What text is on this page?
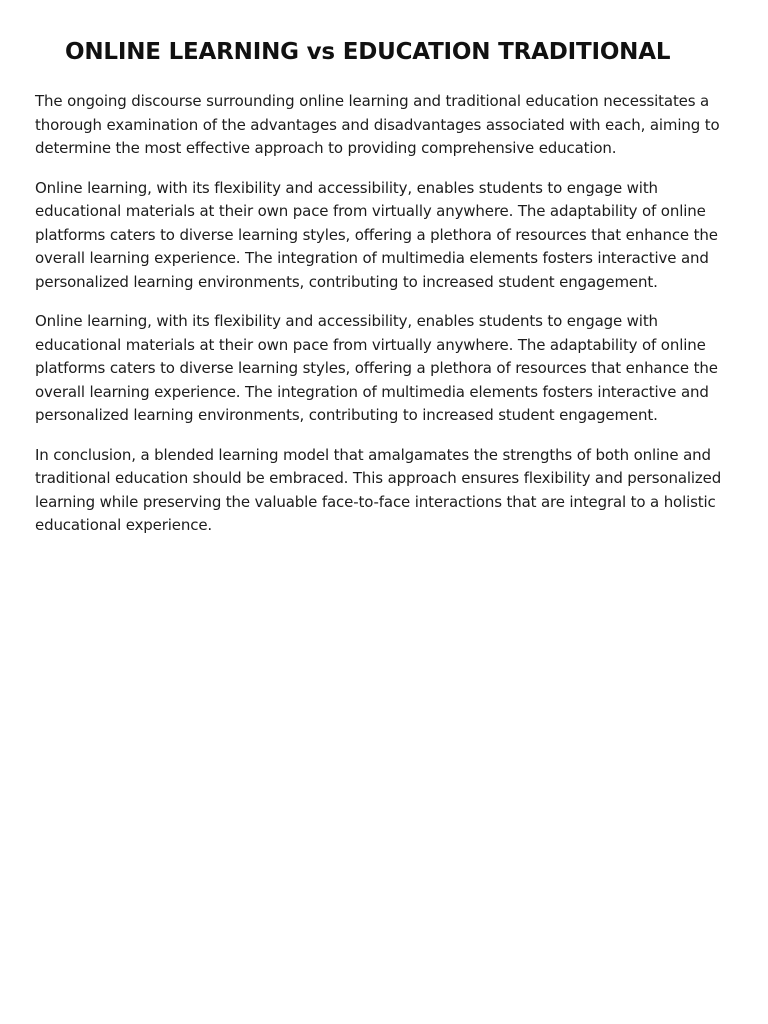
ONLINE LEARNING vs EDUCATION TRADITIONAL

The ongoing discourse surrounding online learning and traditional education necessitates a thorough examination of the advantages and disadvantages associated with each, aiming to determine the most effective approach to providing comprehensive education.

Online learning, with its flexibility and accessibility, enables students to engage with educational materials at their own pace from virtually anywhere. The adaptability of online platforms caters to diverse learning styles, offering a plethora of resources that enhance the overall learning experience. The integration of multimedia elements fosters interactive and personalized learning environments, contributing to increased student engagement.

Online learning, with its flexibility and accessibility, enables students to engage with educational materials at their own pace from virtually anywhere. The adaptability of online platforms caters to diverse learning styles, offering a plethora of resources that enhance the overall learning experience. The integration of multimedia elements fosters interactive and personalized learning environments, contributing to increased student engagement.

In conclusion, a blended learning model that amalgamates the strengths of both online and traditional education should be embraced. This approach ensures flexibility and personalized learning while preserving the valuable face-to-face interactions that are integral to a holistic educational experience.
